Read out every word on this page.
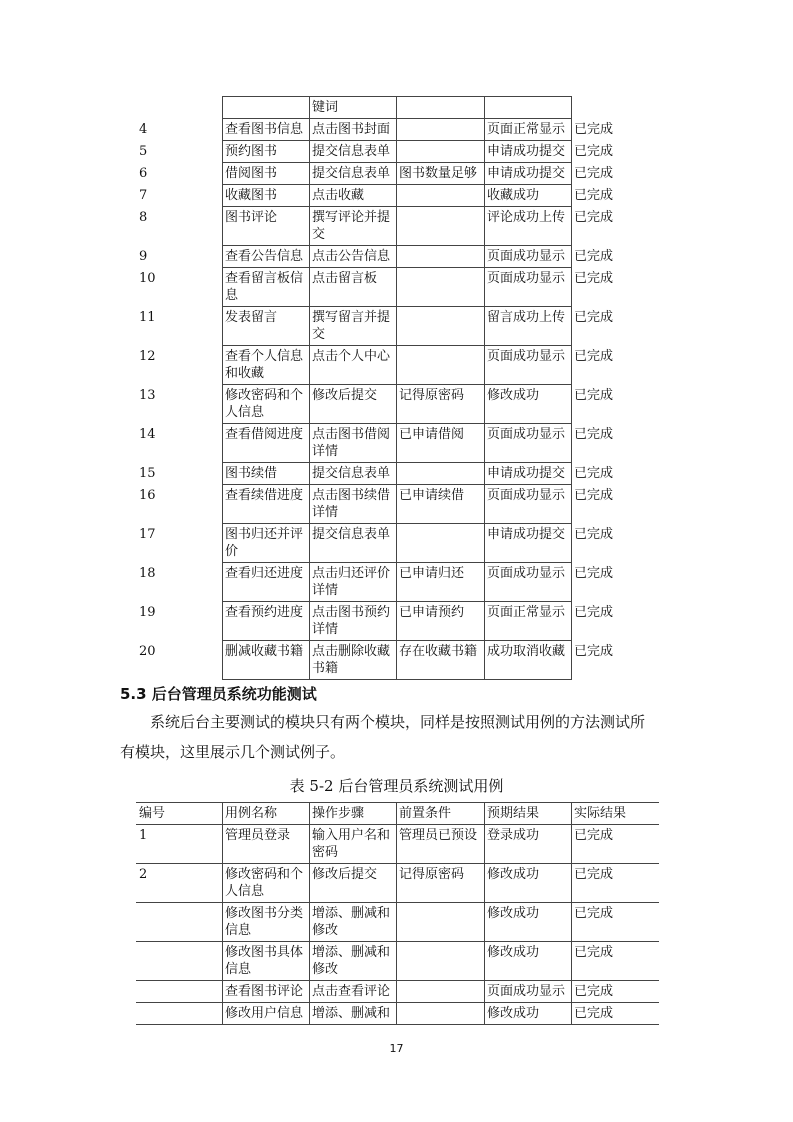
		键词			
4	查看图书信息	点击图书封面		页面正常显示	已完成
5	预约图书	提交信息表单		申请成功提交	已完成
6	借阅图书	提交信息表单	图书数量足够	申请成功提交	已完成
7	收藏图书	点击收藏		收藏成功	已完成
8	图书评论	撰写评论并提交		评论成功上传	已完成
9	查看公告信息	点击公告信息		页面成功显示	已完成
10	查看留言板信息	点击留言板		页面成功显示	已完成
11	发表留言	撰写留言并提交		留言成功上传	已完成
12	查看个人信息和收藏	点击个人中心		页面成功显示	已完成
13	修改密码和个人信息	修改后提交	记得原密码	修改成功	已完成
14	查看借阅进度	点击图书借阅详情	已申请借阅	页面成功显示	已完成
15	图书续借	提交信息表单		申请成功提交	已完成
16	查看续借进度	点击图书续借详情	已申请续借	页面成功显示	已完成
17	图书归还并评价	提交信息表单		申请成功提交	已完成
18	查看归还进度	点击归还评价详情	已申请归还	页面成功显示	已完成
19	查看预约进度	点击图书预约详情	已申请预约	页面正常显示	已完成
20	删减收藏书籍	点击删除收藏书籍	存在收藏书籍	成功取消收藏	已完成
5.3 后台管理员系统功能测试
系统后台主要测试的模块只有两个模块，同样是按照测试用例的方法测试所
有模块，这里展示几个测试例子。
表 5-2 后台管理员系统测试用例
编号	用例名称	操作步骤	前置条件	预期结果	实际结果
1	管理员登录	输入用户名和密码	管理员已预设	登录成功	已完成
2	修改密码和个人信息	修改后提交	记得原密码	修改成功	已完成
	修改图书分类信息	增添、删减和修改		修改成功	已完成
	修改图书具体信息	增添、删减和修改		修改成功	已完成
	查看图书评论	点击查看评论		页面成功显示	已完成
	修改用户信息	增添、删减和		修改成功	已完成
17
